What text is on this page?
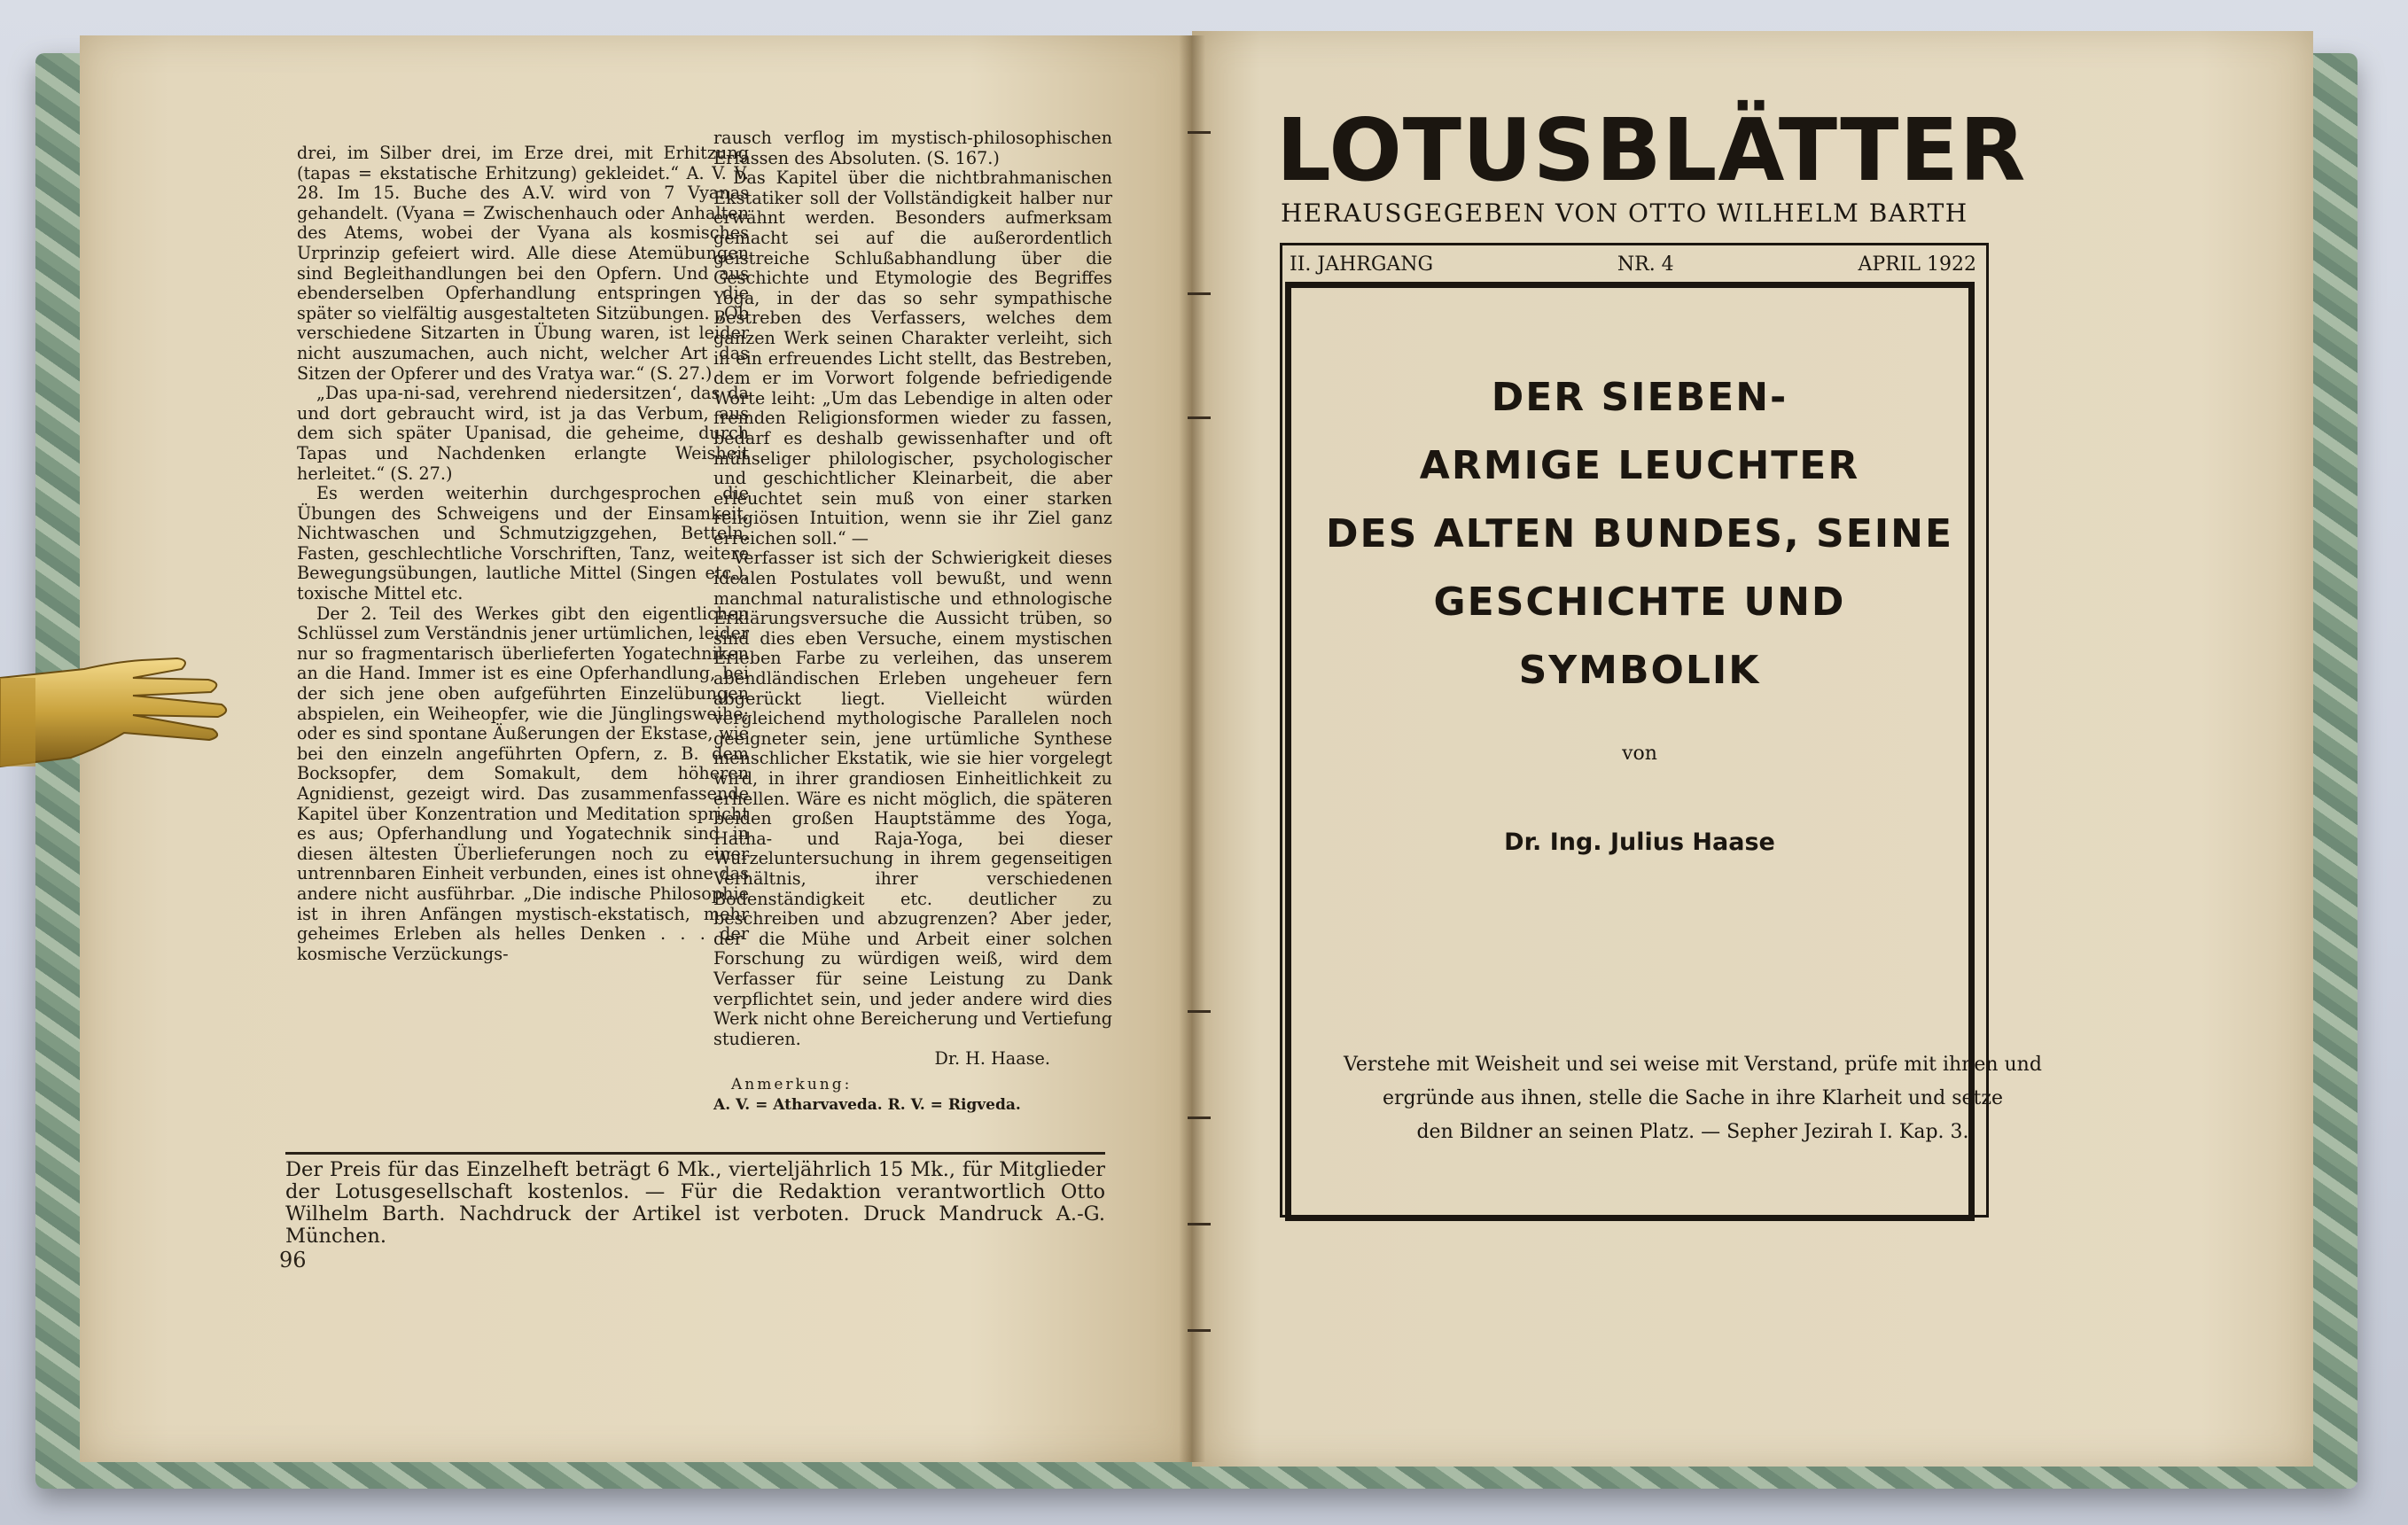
drei, im Silber drei, im Erze drei, mit Erhitzung (tapas = ekstatische Erhitzung) gekleidet.“ A. V. V. 28. Im 15. Buche des A.V. wird von 7 Vyanas gehandelt. (Vyana = Zwischenhauch oder Anhalten des Atems, wobei der Vyana als kosmisches Urprinzip gefeiert wird. Alle diese Atemübungen sind Begleithandlungen bei den Opfern. Und aus ebenderselben Opferhandlung entspringen die später so vielfältig ausgestalteten Sitzübungen. „Ob verschiedene Sitzarten in Übung waren, ist leider nicht auszumachen, auch nicht, welcher Art das Sitzen der Opferer und des Vratya war.“ (S. 27.)

„Das upa-ni-sad, verehrend niedersitzen‘, das da und dort gebraucht wird, ist ja das Verbum, aus dem sich später Upanisad, die geheime, durch Tapas und Nachdenken erlangte Weisheit herleitet.“ (S. 27.)

Es werden weiterhin durchgesprochen die Übungen des Schweigens und der Einsamkeit, Nichtwaschen und Schmutzigzgehen, Betteln, Fasten, geschlechtliche Vorschriften, Tanz, weitere Bewegungsübungen, lautliche Mittel (Singen etc.), toxische Mittel etc.

Der 2. Teil des Werkes gibt den eigentlichen Schlüssel zum Verständnis jener urtümlichen, leider nur so fragmentarisch überlieferten Yogatechniken an die Hand. Immer ist es eine Opferhandlung, bei der sich jene oben aufgeführten Einzelübungen abspielen, ein Weiheopfer, wie die Jünglingsweihe; oder es sind spontane Äußerungen der Ekstase, wie bei den einzeln angeführten Opfern, z. B. dem Bocksopfer, dem Somakult, dem höheren Agnidienst, gezeigt wird. Das zusammenfassende Kapitel über Konzentration und Meditation spricht es aus; Opferhandlung und Yogatechnik sind in diesen ältesten Überlieferungen noch zu einer untrennbaren Einheit verbunden, eines ist ohne das andere nicht ausführbar. „Die indische Philosophie ist in ihren Anfängen mystisch-ekstatisch, mehr geheimes Erleben als helles Denken . . . der kosmische Verzückungs-

rausch verflog im mystisch-philosophischen Erfassen des Absoluten. (S. 167.)

Das Kapitel über die nichtbrahmanischen Ekstatiker soll der Vollständigkeit halber nur erwähnt werden. Besonders aufmerksam gemacht sei auf die außerordentlich geistreiche Schlußabhandlung über die Geschichte und Etymologie des Begriffes Yoga, in der das so sehr sympathische Bestreben des Verfassers, welches dem ganzen Werk seinen Charakter verleiht, sich in ein erfreuendes Licht stellt, das Bestreben, dem er im Vorwort folgende befriedigende Worte leiht: „Um das Lebendige in alten oder fremden Religionsformen wieder zu fassen, bedarf es deshalb gewissenhafter und oft mühseliger philologischer, psychologischer und geschichtlicher Kleinarbeit, die aber erleuchtet sein muß von einer starken religiösen Intuition, wenn sie ihr Ziel ganz erreichen soll.“ —

Verfasser ist sich der Schwierigkeit dieses idealen Postulates voll bewußt, und wenn manchmal naturalistische und ethnologische Erklärungsversuche die Aussicht trüben, so sind dies eben Versuche, einem mystischen Erleben Farbe zu verleihen, das unserem abendländischen Erleben ungeheuer fern abgerückt liegt. Vielleicht würden vergleichend mythologische Parallelen noch geeigneter sein, jene urtümliche Synthese menschlicher Ekstatik, wie sie hier vorgelegt wird, in ihrer grandiosen Einheitlichkeit zu erhellen. Wäre es nicht möglich, die späteren beiden großen Hauptstämme des Yoga, Hatha- und Raja-Yoga, bei dieser Wurzeluntersuchung in ihrem gegenseitigen Verhältnis, ihrer verschiedenen Bodenständigkeit etc. deutlicher zu beschreiben und abzugrenzen? Aber jeder, der die Mühe und Arbeit einer solchen Forschung zu würdigen weiß, wird dem Verfasser für seine Leistung zu Dank verpflichtet sein, und jeder andere wird dies Werk nicht ohne Bereicherung und Vertiefung studieren.

Dr. H. Haase.

Anmerkung:

A. V. = Atharvaveda. R. V. = Rigveda.

Der Preis für das Einzelheft beträgt 6 Mk., vierteljährlich 15 Mk., für Mitglieder der Lotusgesellschaft kostenlos. — Für die Redaktion verantwortlich Otto Wilhelm Barth. Nachdruck der Artikel ist verboten. Druck Mandruck A.-G. München.
96
LOTUSBLÄTTER
HERAUSGEGEBEN VON OTTO WILHELM BARTH
II. JAHRGANG	NR. 4	APRIL 1922
DER SIEBEN-
ARMIGE LEUCHTER
DES ALTEN BUNDES, SEINE
GESCHICHTE UND
SYMBOLIK
von
Dr. Ing. Julius Haase
Verstehe mit Weisheit und sei weise mit Verstand, prüfe mit ihnen und
ergründe aus ihnen, stelle die Sache in ihre Klarheit und setze
den Bildner an seinen Platz. — Sepher Jezirah I. Kap. 3.
